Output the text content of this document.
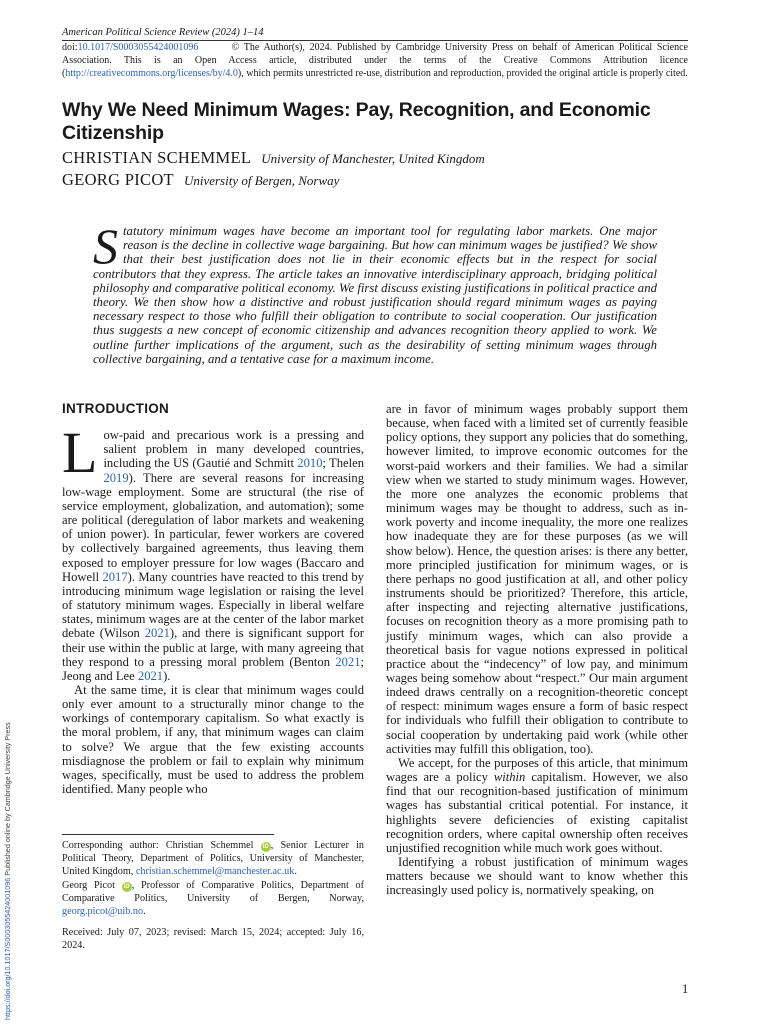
American Political Science Review (2024) 1–14

doi:10.1017/S0003055424001096	© The Author(s), 2024. Published by Cambridge University Press on behalf of American Political Science Association. This is an Open Access article, distributed under the terms of the Creative Commons Attribution licence (http://creativecommons.org/licenses/by/4.0), which permits unrestricted re-use, distribution and reproduction, provided the original article is properly cited.

Why We Need Minimum Wages: Pay, Recognition, and Economic Citizenship
CHRISTIAN SCHEMMEL University of Manchester, United Kingdom
GEORG PICOT University of Bergen, Norway
Statutory minimum wages have become an important tool for regulating labor markets. One major reason is the decline in collective wage bargaining. But how can minimum wages be justified? We show that their best justification does not lie in their economic effects but in the respect for social contributors that they express. The article takes an innovative interdisciplinary approach, bridging political philosophy and comparative political economy. We first discuss existing justifications in political practice and theory. We then show how a distinctive and robust justification should regard minimum wages as paying necessary respect to those who fulfill their obligation to contribute to social cooperation. Our justification thus suggests a new concept of economic citizenship and advances recognition theory applied to work. We outline further implications of the argument, such as the desirability of setting minimum wages through collective bargaining, and a tentative case for a maximum income.
INTRODUCTION

Low-paid and precarious work is a pressing and salient problem in many developed countries, including the US (Gautié and Schmitt 2010; Thelen 2019). There are several reasons for increasing low-wage employment. Some are structural (the rise of service employment, globalization, and automation); some are political (deregulation of labor markets and weakening of union power). In particular, fewer workers are covered by collectively bargained agreements, thus leaving them exposed to employer pressure for low wages (Baccaro and Howell 2017). Many countries have reacted to this trend by introducing minimum wage legislation or raising the level of statutory minimum wages. Especially in liberal welfare states, minimum wages are at the center of the labor market debate (Wilson 2021), and there is significant support for their use within the public at large, with many agreeing that they respond to a pressing moral problem (Benton 2021; Jeong and Lee 2021).

At the same time, it is clear that minimum wages could only ever amount to a structurally minor change to the workings of contemporary capitalism. So what exactly is the moral problem, if any, that minimum wages can claim to solve? We argue that the few existing accounts misdiagnose the problem or fail to explain why minimum wages, specifically, must be used to address the problem identified. Many people who

are in favor of minimum wages probably support them because, when faced with a limited set of currently feasible policy options, they support any policies that do something, however limited, to improve economic outcomes for the worst-paid workers and their families. We had a similar view when we started to study minimum wages. However, the more one analyzes the economic problems that minimum wages may be thought to address, such as in-work poverty and income inequality, the more one realizes how inadequate they are for these purposes (as we will show below). Hence, the question arises: is there any better, more principled justification for minimum wages, or is there perhaps no good justification at all, and other policy instruments should be prioritized? Therefore, this article, after inspecting and rejecting alternative justifications, focuses on recognition theory as a more promising path to justify minimum wages, which can also provide a theoretical basis for vague notions expressed in political practice about the “indecency” of low pay, and minimum wages being somehow about “respect.” Our main argument indeed draws centrally on a recognition-theoretic concept of respect: minimum wages ensure a form of basic respect for individuals who fulfill their obligation to contribute to social cooperation by undertaking paid work (while other activities may fulfill this obligation, too).

We accept, for the purposes of this article, that minimum wages are a policy within capitalism. However, we also find that our recognition-based justification of minimum wages has substantial critical potential. For instance, it highlights severe deficiencies of existing capitalist recognition orders, where capital ownership often receives unjustified recognition while much work goes without.

Identifying a robust justification of minimum wages matters because we should want to know whether this increasingly used policy is, normatively speaking, on

Corresponding author: Christian Schemmel iD , Senior Lecturer in Political Theory, Department of Politics, University of Manchester, United Kingdom, christian.schemmel@manchester.ac.uk.

Georg Picot iD , Professor of Comparative Politics, Department of Comparative Politics, University of Bergen, Norway, georg.picot@uib.no.

Received: July 07, 2023; revised: March 15, 2024; accepted: July 16, 2024.

https://doi.org/10.1017/S0003055424001096 Published online by Cambridge University Press
1
